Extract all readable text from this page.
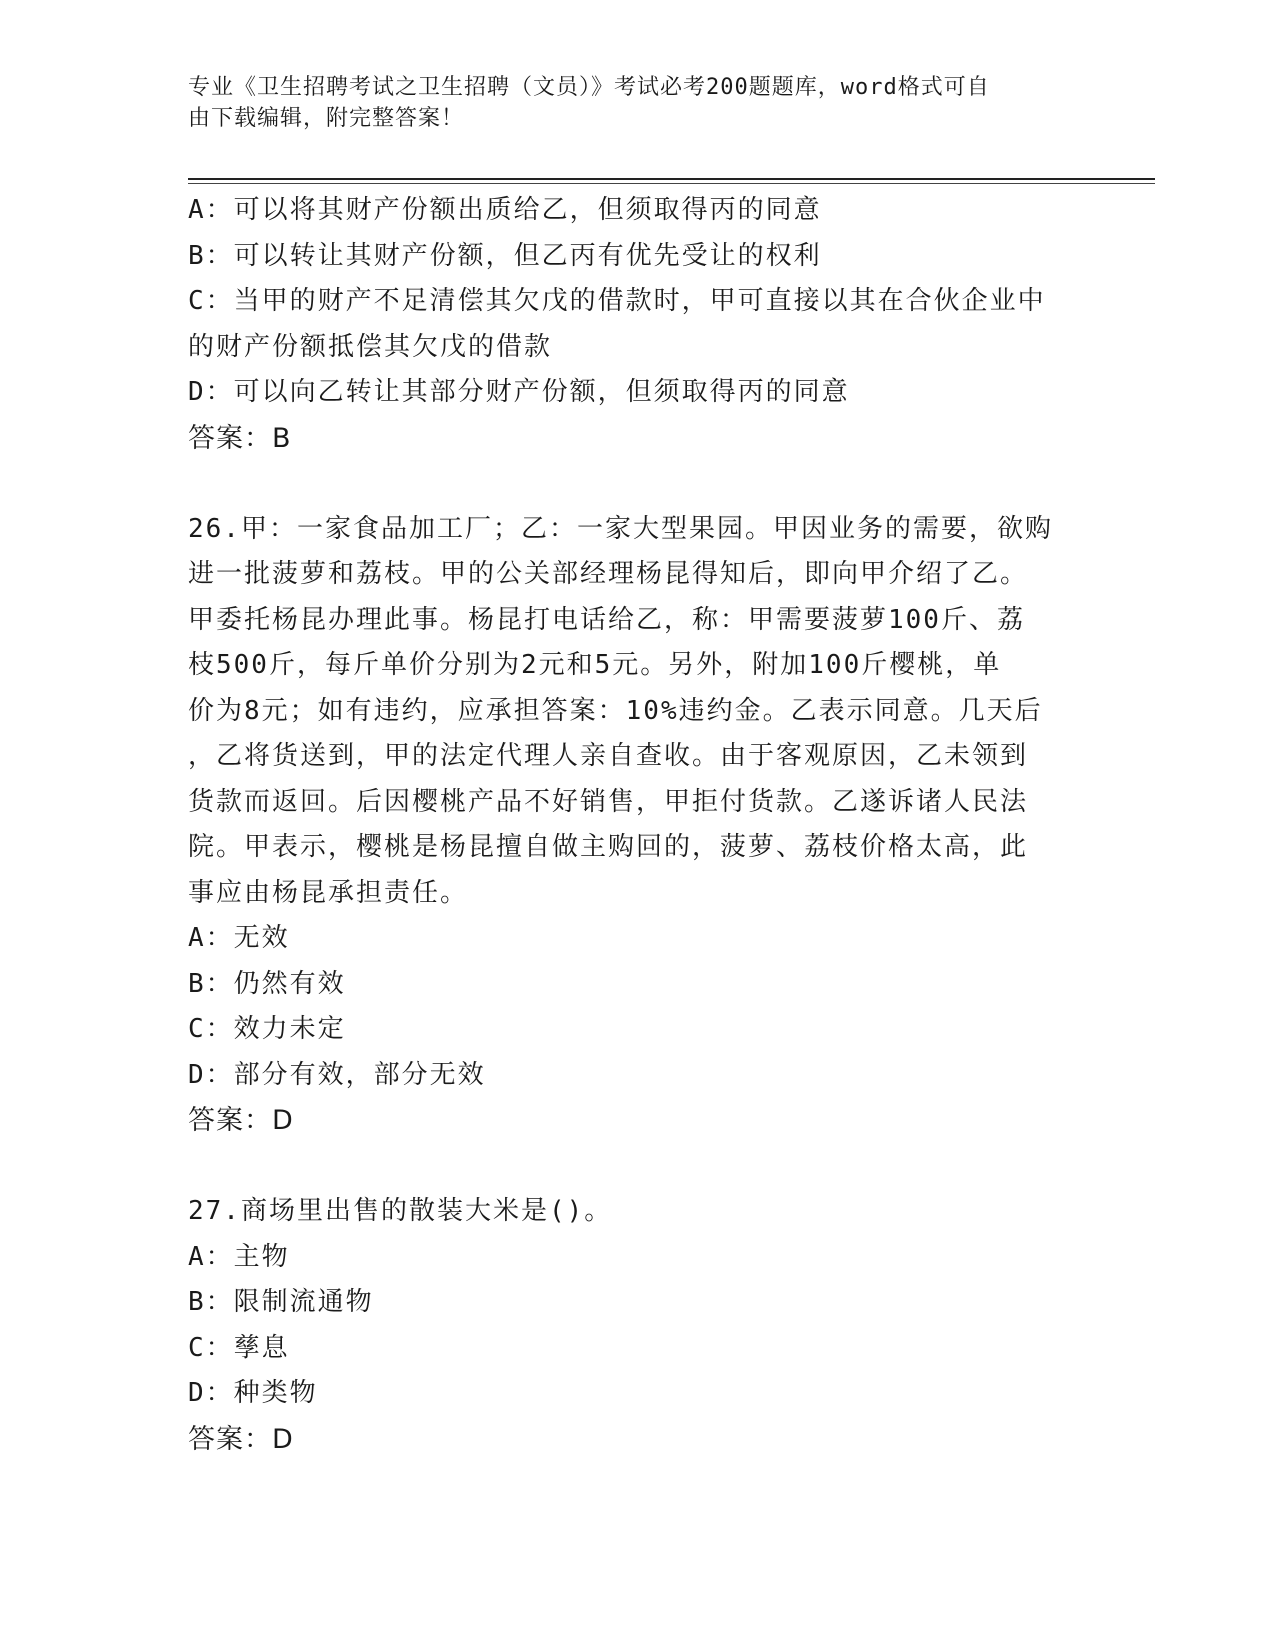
专业《卫生招聘考试之卫生招聘（文员）》考试必考200题题库，word格式可自
由下载编辑，附完整答案！
A：可以将其财产份额出质给乙，但须取得丙的同意
B：可以转让其财产份额，但乙丙有优先受让的权利
C：当甲的财产不足清偿其欠戊的借款时，甲可直接以其在合伙企业中
的财产份额抵偿其欠戊的借款
D：可以向乙转让其部分财产份额，但须取得丙的同意
答案：B
26.甲：一家食品加工厂；乙：一家大型果园。甲因业务的需要，欲购
进一批菠萝和荔枝。甲的公关部经理杨昆得知后，即向甲介绍了乙。
甲委托杨昆办理此事。杨昆打电话给乙，称：甲需要菠萝100斤、荔
枝500斤，每斤单价分别为2元和5元。另外，附加100斤樱桃，单
价为8元；如有违约，应承担答案：10%违约金。乙表示同意。几天后
，乙将货送到，甲的法定代理人亲自查收。由于客观原因，乙未领到
货款而返回。后因樱桃产品不好销售，甲拒付货款。乙遂诉诸人民法
院。甲表示，樱桃是杨昆擅自做主购回的，菠萝、荔枝价格太高，此
事应由杨昆承担责任。
A：无效
B：仍然有效
C：效力未定
D：部分有效，部分无效
答案：D
27.商场里出售的散装大米是()。
A：主物
B：限制流通物
C：孳息
D：种类物
答案：D
